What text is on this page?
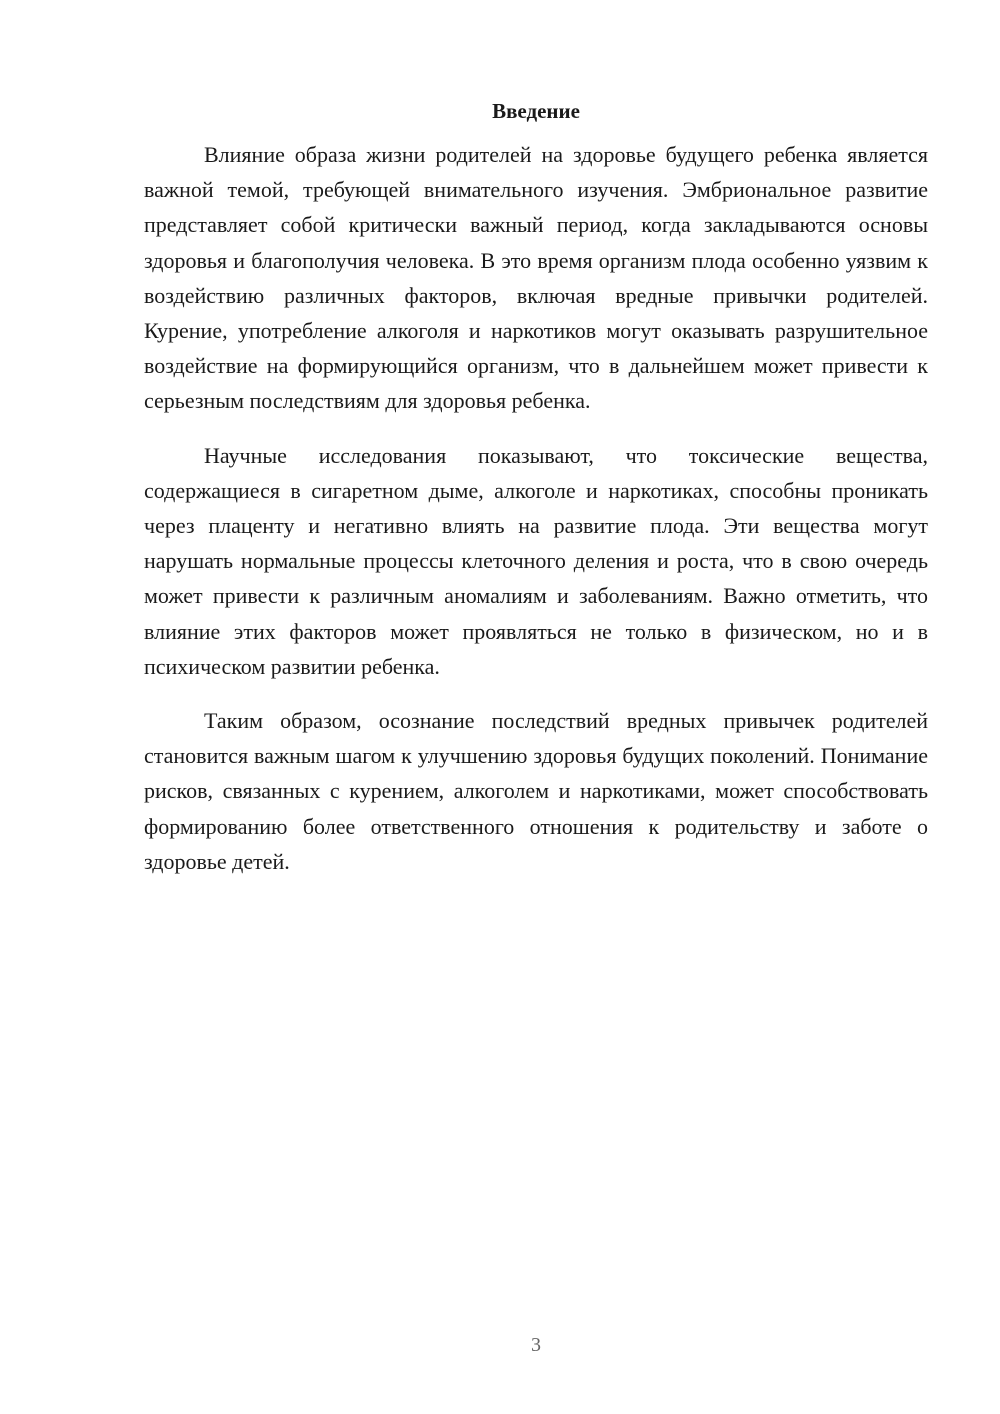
Введение

Влияние образа жизни родителей на здоровье будущего ребенка является важной темой, требующей внимательного изучения. Эмбриональное развитие представляет собой критически важный период, когда закладываются основы здоровья и благополучия человека. В это время организм плода особенно уязвим к воздействию различных факторов, включая вредные привычки родителей. Курение, употребление алкоголя и наркотиков могут оказывать разрушительное воздействие на формирующийся организм, что в дальнейшем может привести к серьезным последствиям для здоровья ребенка.

Научные исследования показывают, что токсические вещества, содержащиеся в сигаретном дыме, алкоголе и наркотиках, способны проникать через плаценту и негативно влиять на развитие плода. Эти вещества могут нарушать нормальные процессы клеточного деления и роста, что в свою очередь может привести к различным аномалиям и заболеваниям. Важно отметить, что влияние этих факторов может проявляться не только в физическом, но и в психическом развитии ребенка.

Таким образом, осознание последствий вредных привычек родителей становится важным шагом к улучшению здоровья будущих поколений. Понимание рисков, связанных с курением, алкоголем и наркотиками, может способствовать формированию более ответственного отношения к родительству и заботе о здоровье детей.

3
